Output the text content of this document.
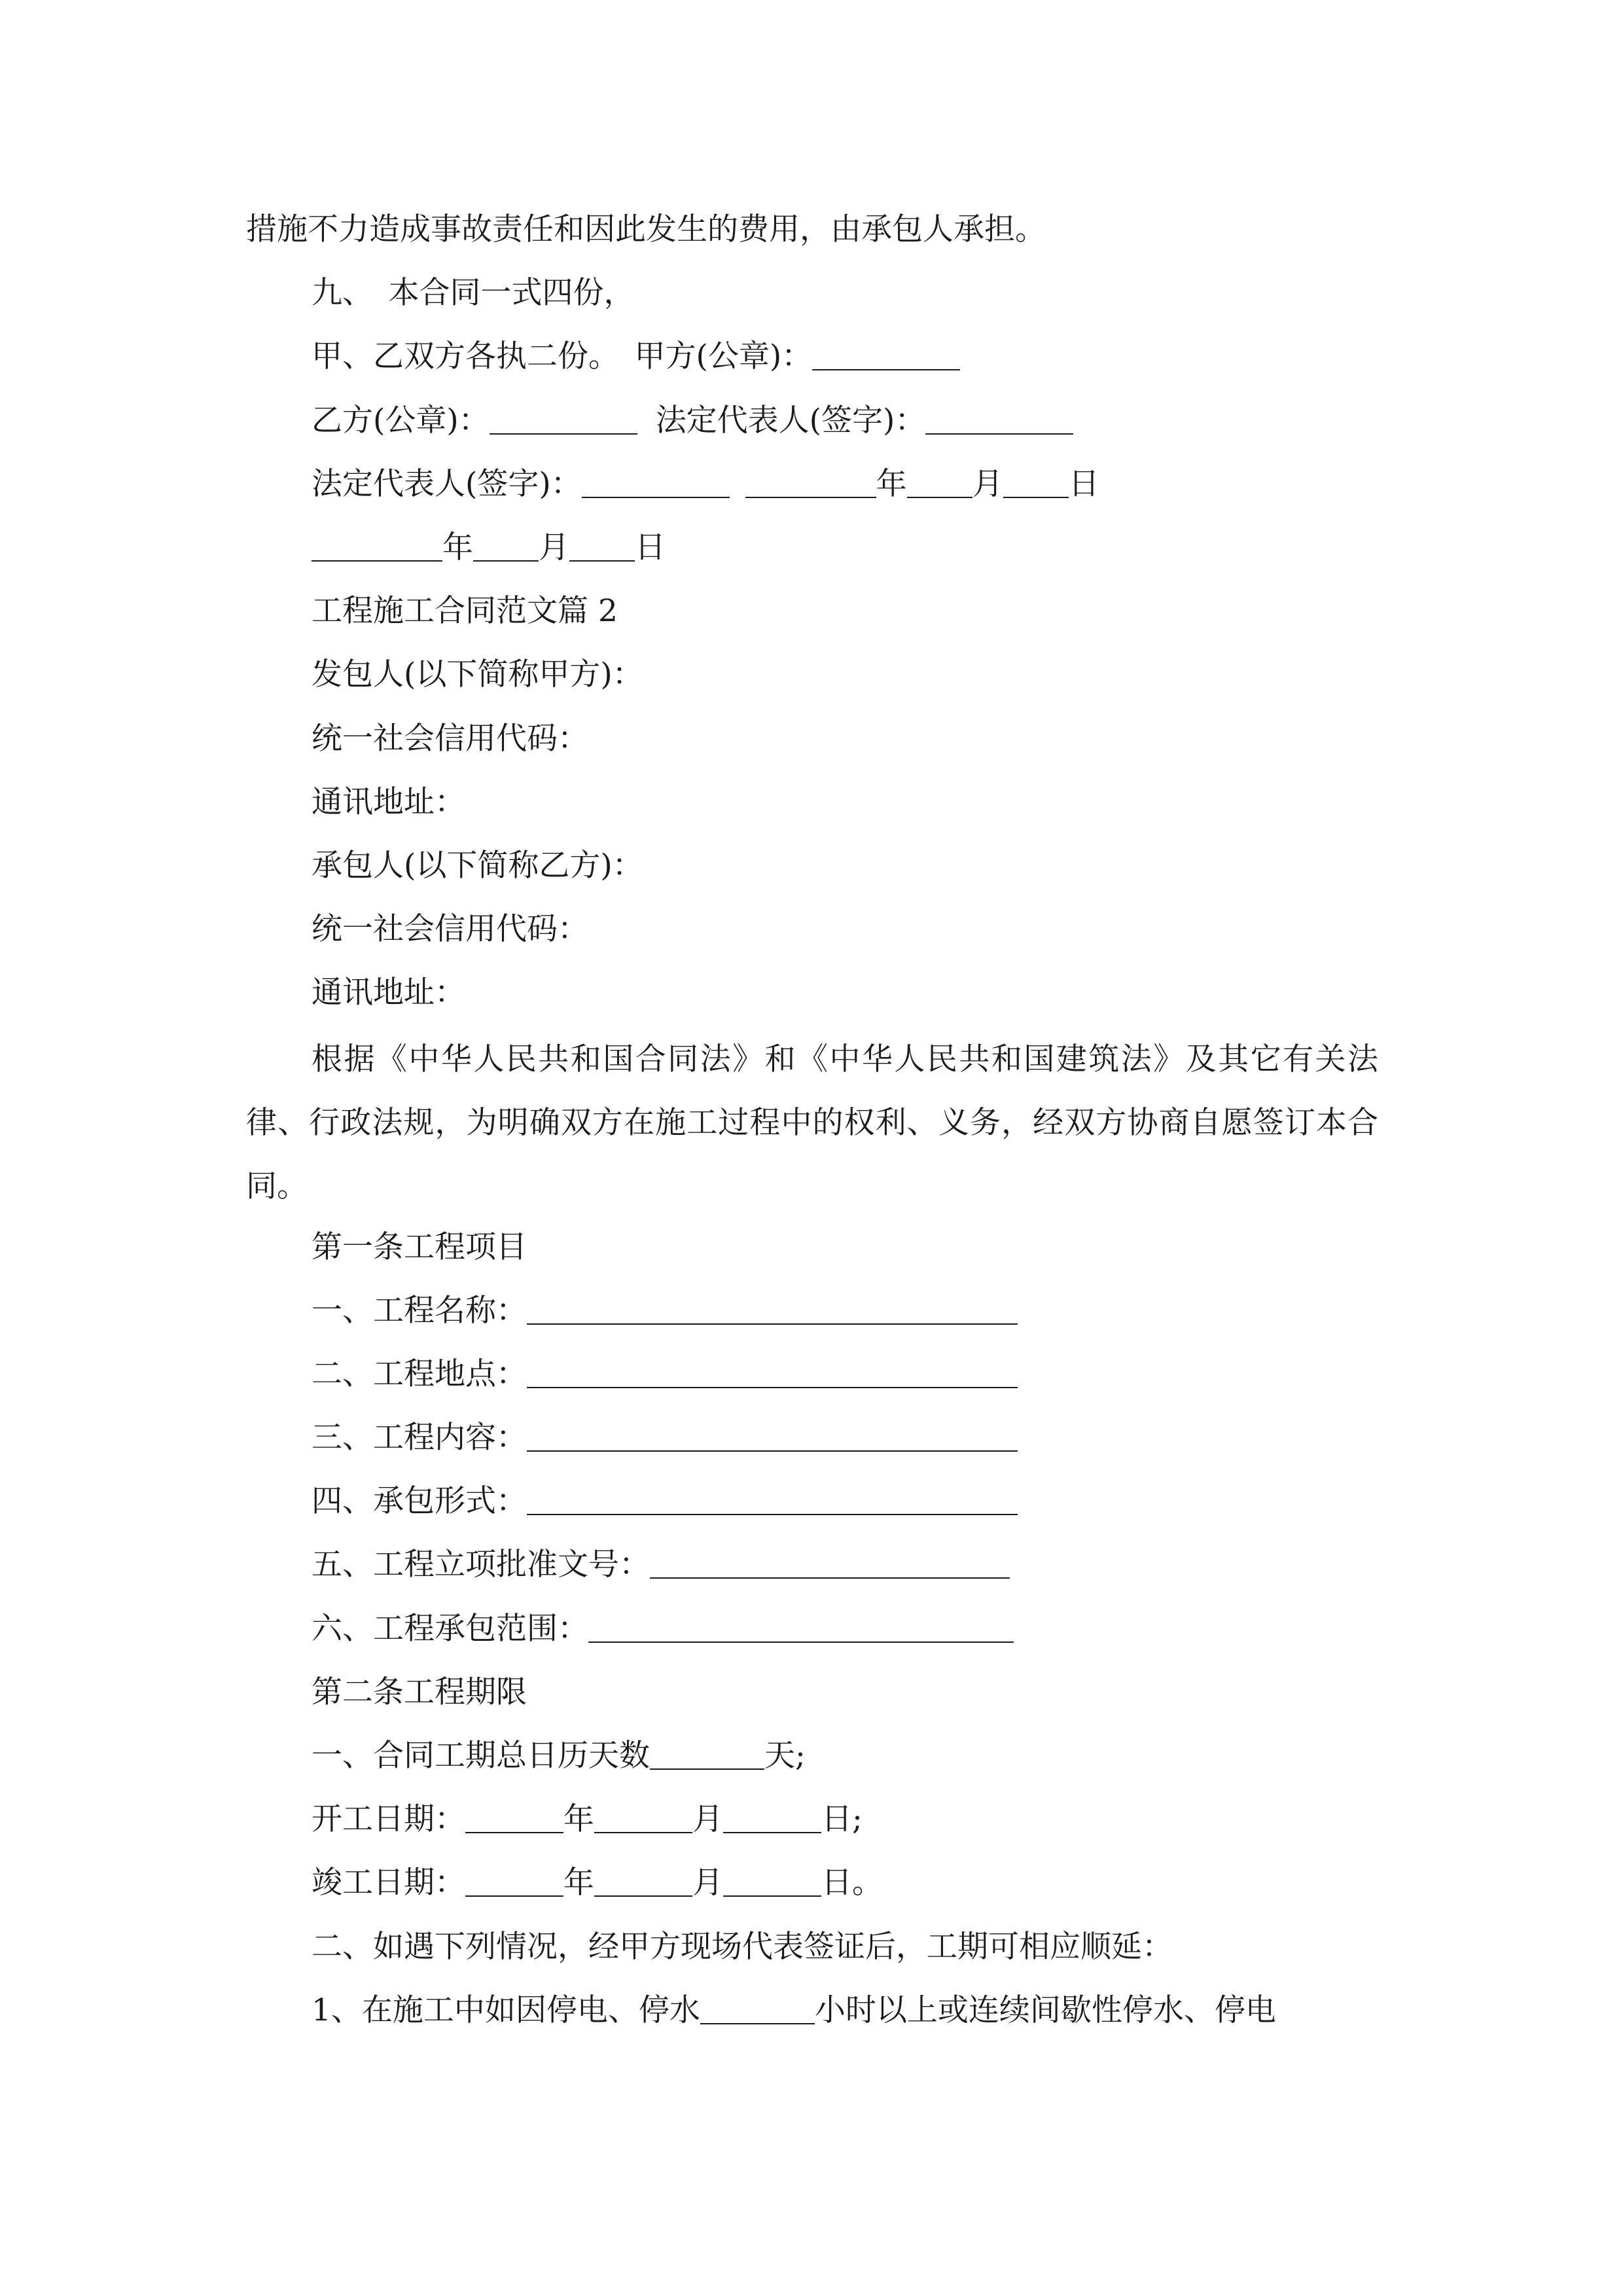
措施不力造成事故责任和因此发生的费用，由承包人承担。
九、　本合同一式四份，
甲、乙双方各执二份。　甲方(公章)：
乙方(公章)：	法定代表人(签字)：
法定代表人(签字)：	年 月 日
年 月 日
工程施工合同范文篇 2
发包人(以下简称甲方)：
统一社会信用代码：
通讯地址：
承包人(以下简称乙方)：
统一社会信用代码：
通讯地址：
根据《中华人民共和国合同法》和《中华人民共和国建筑法》及其它有关法律、行政法规，为明确双方在施工过程中的权利、义务，经双方协商自愿签订本合同。
第一条工程项目
一、工程名称：
二、工程地点：
三、工程内容：
四、承包形式：
五、工程立项批准文号：
六、工程承包范围：
第二条工程期限
一、合同工期总日历天数	天;
开工日期：	年	月	日;
竣工日期：	年	月	日。
二、如遇下列情况，经甲方现场代表签证后，工期可相应顺延：
1、在施工中如因停电、停水	小时以上或连续间歇性停水、停电
